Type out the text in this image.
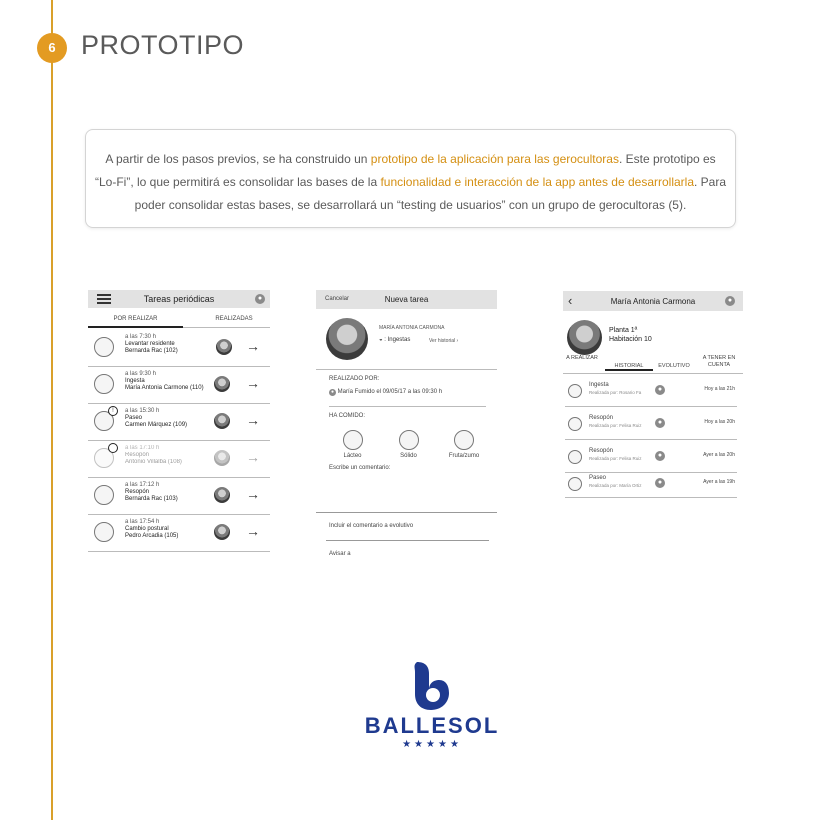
6 PROTOTIPO
A partir de los pasos previos, se ha construido un prototipo de la aplicación para las gerocultoras. Este prototipo es “Lo-Fi”, lo que permitirá es consolidar las bases de la funcionalidad e interacción de la app antes de desarrollarla. Para poder consolidar estas bases, se desarrollará un “testing de usuarios” con un grupo de gerocultoras (5).
Tareas periódicas	●
POR REALIZAR	REALIZADAS
a las 7:30 h
Levantar residente
Bernarda Rac (102)	→
a las 9:30 h
Ingesta
María Antonia Carmone (110)	→
!	a las 15:30 h
Paseo
Carmen Márquez (109)	→
a las 17:10 h
Resopón
Antonio Villalba (108)	→
a las 17:12 h
Resopón
Bernarda Rac (103)	→
a las 17:54 h
Cambio postural
Pedro Arcadia (105)	→
Cancelar	Nueva tarea
MARÍA ANTONIA CARMONA
◒ : Ingestas	Ver historial ›
REALIZADO POR:
● María Fumido el 09/05/17 a las 09:30 h
HA COMIDO:
Lácteo	Sólido	Fruta/zumo
Escribe un comentario:
Incluir el comentario a evolutivo
Avisar a
‹	María Antonia Carmona	●
Planta 1ª
Habitación 10
A REALIZAR
HISTORIAL	EVOLUTIVO
A TENER EN CUENTA
Ingesta
Realizada por: Rosario Fa	●	Hoy a las 21h
Resopón
Realizada por: Felisa Ruiz	●	Hoy a las 20h
Resopón
Realizada por: Felisa Ruiz	●	Ayer a las 20h
Paseo
Realizada por: María Ortiz	●	Ayer a las 19h
BALLESOL
★★★★★
